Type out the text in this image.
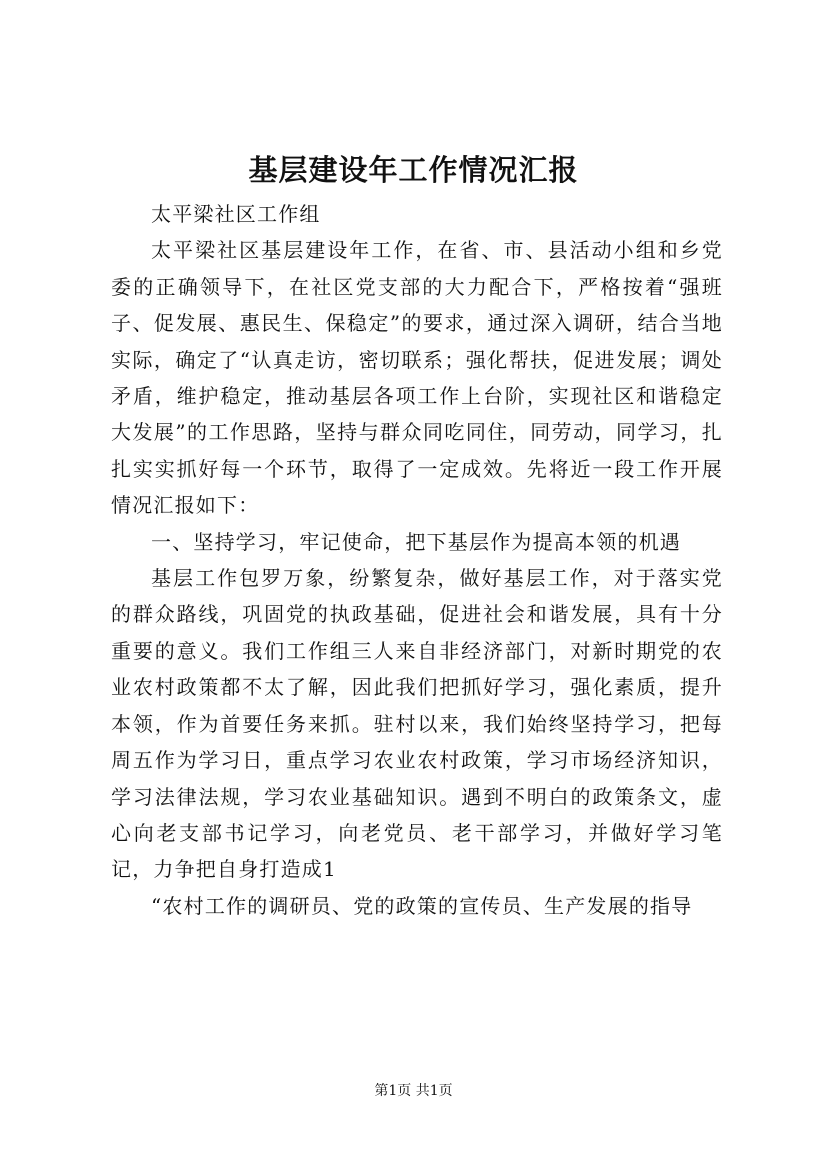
基层建设年工作情况汇报

太平梁社区工作组

太平梁社区基层建设年工作，在省、市、县活动小组和乡党委的正确领导下，在社区党支部的大力配合下，严格按着“强班子、促发展、惠民生、保稳定”的要求，通过深入调研，结合当地实际，确定了“认真走访，密切联系；强化帮扶，促进发展；调处矛盾，维护稳定，推动基层各项工作上台阶，实现社区和谐稳定大发展”的工作思路，坚持与群众同吃同住，同劳动，同学习，扎扎实实抓好每一个环节，取得了一定成效。先将近一段工作开展情况汇报如下：

一、坚持学习，牢记使命，把下基层作为提高本领的机遇

基层工作包罗万象，纷繁复杂，做好基层工作，对于落实党的群众路线，巩固党的执政基础，促进社会和谐发展，具有十分重要的意义。我们工作组三人来自非经济部门，对新时期党的农业农村政策都不太了解，因此我们把抓好学习，强化素质，提升本领，作为首要任务来抓。驻村以来，我们始终坚持学习，把每周五作为学习日，重点学习农业农村政策，学习市场经济知识，学习法律法规，学习农业基础知识。遇到不明白的政策条文，虚心向老支部书记学习，向老党员、老干部学习，并做好学习笔记，力争把自身打造成1

“农村工作的调研员、党的政策的宣传员、生产发展的指导

第1页 共1页
